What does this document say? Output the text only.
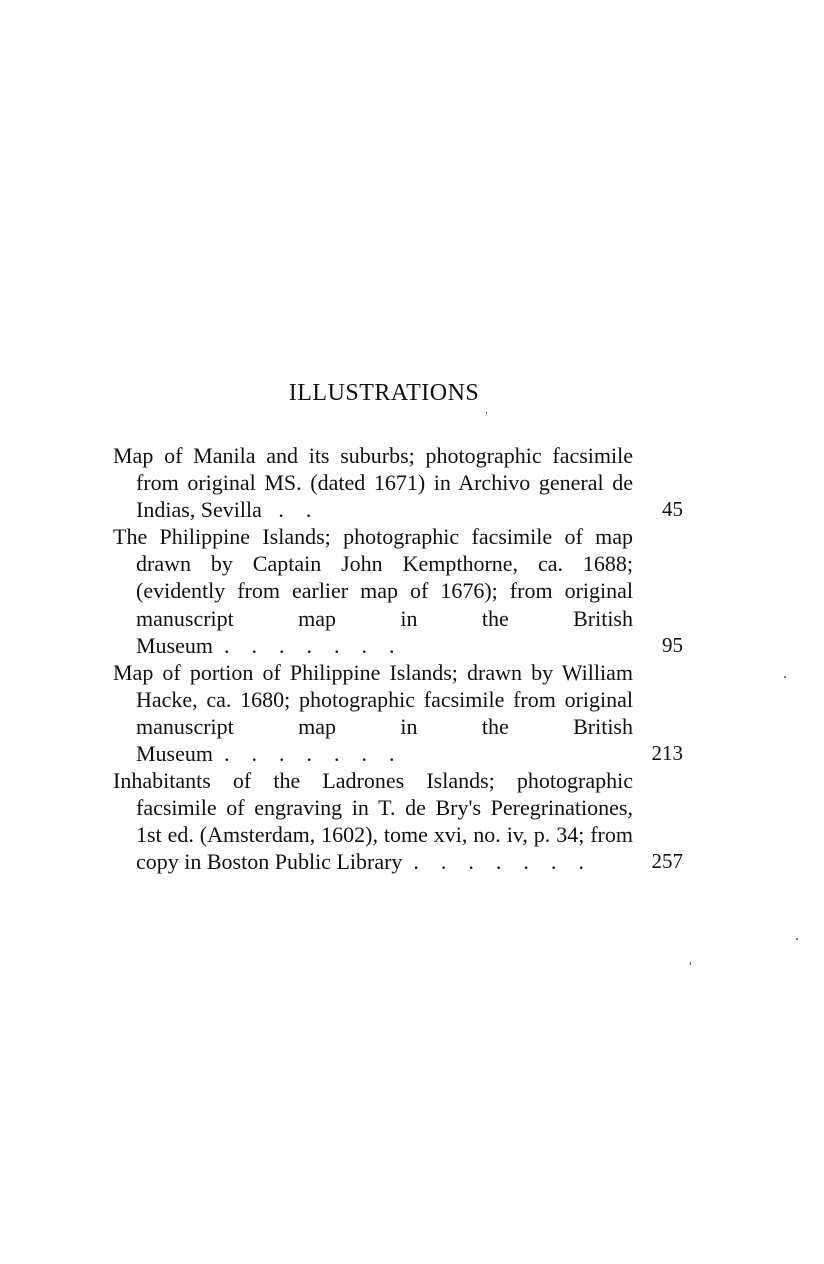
ILLUSTRATIONS
Map of Manila and its suburbs; photographic facsimile from original MS. (dated 1671) in Archivo general de Indias, Sevilla   .    .	45
The Philippine Islands; photographic facsimile of map drawn by Captain John Kempthorne, ca. 1688; (evidently from earlier map of 1676); from original manuscript map in the British Museum  .    .    .    .    .    .    .	95
Map of portion of Philippine Islands; drawn by William Hacke, ca. 1680; photographic facsimile from original manuscript map in the British Museum  .    .    .    .    .    .    .	213
Inhabitants of the Ladrones Islands; photographic facsimile of engraving in T. de Bry's Peregrinationes, 1st ed. (Amsterdam, 1602), tome xvi, no. iv, p. 34; from copy in Boston Public Library  .    .    .    .    .    .    .	257
